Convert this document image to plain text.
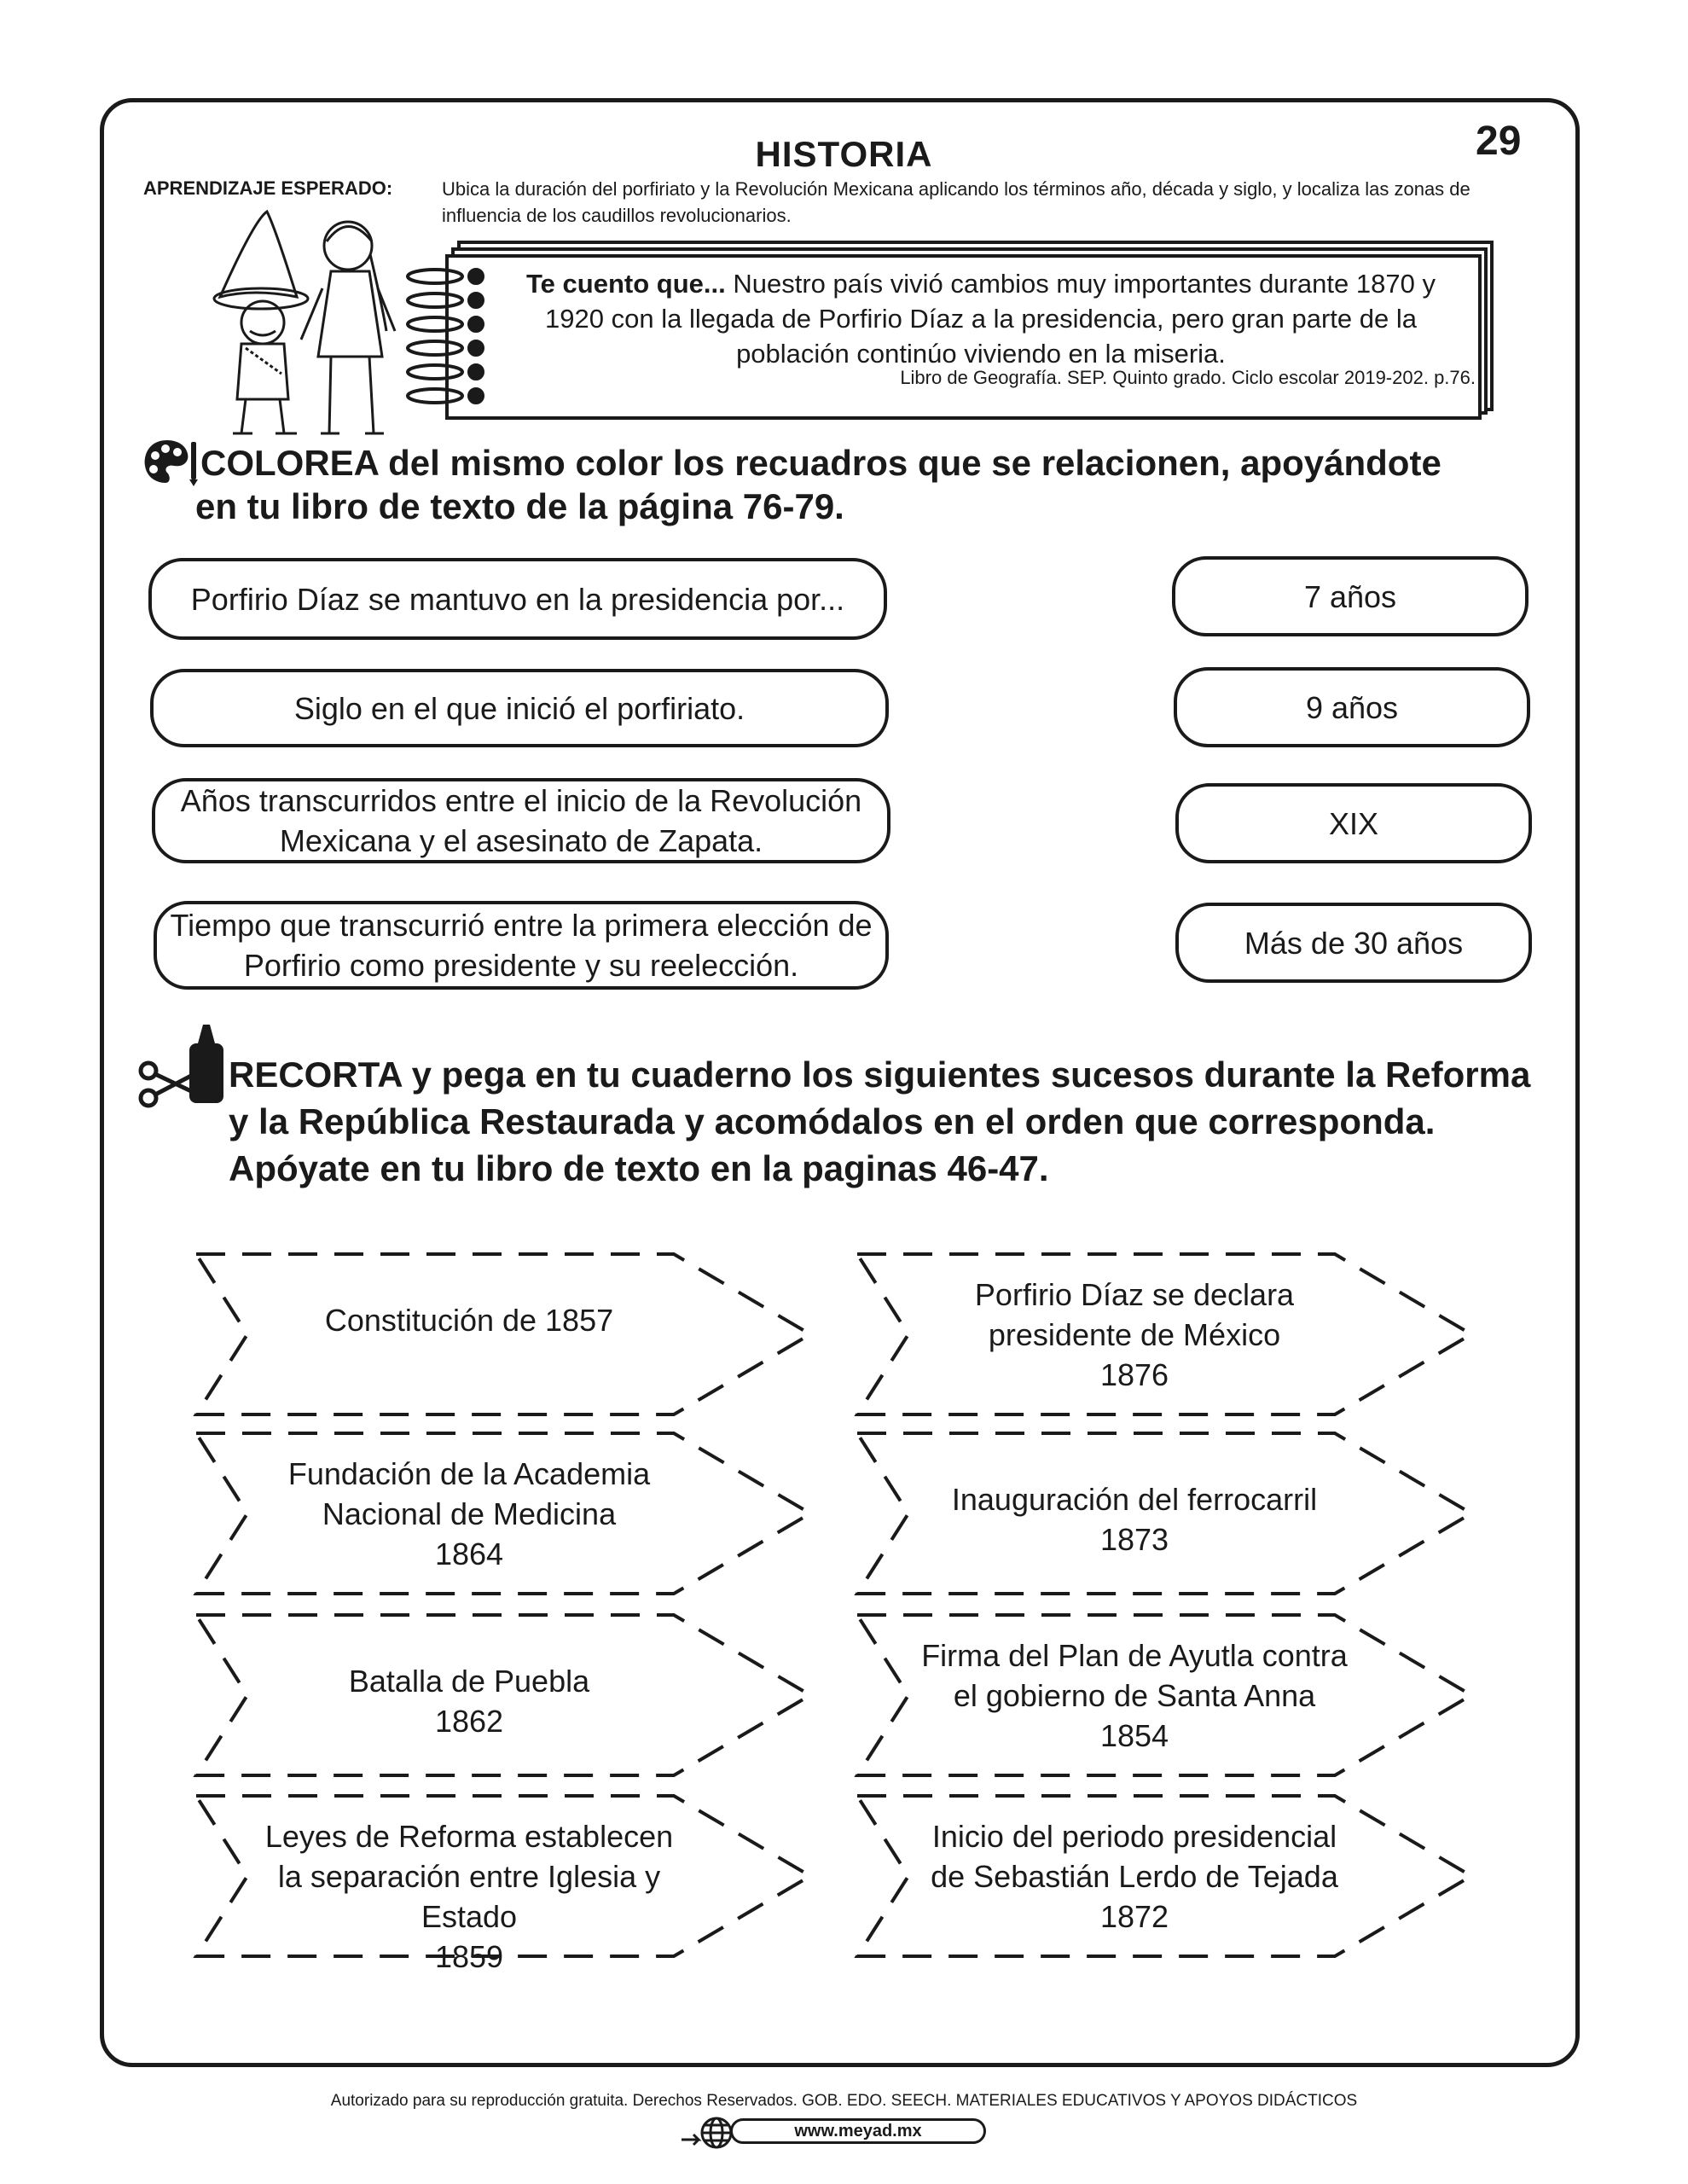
29
HISTORIA
APRENDIZAJE ESPERADO:	Ubica la duración del porfiriato y la Revolución Mexicana aplicando los términos año, década y siglo, y localiza las zonas de influencia de los caudillos revolucionarios.
Te cuento que... Nuestro país vivió cambios muy importantes durante 1870 y 1920 con la llegada de Porfirio Díaz a la presidencia, pero gran parte de la población continúo viviendo en la miseria.
Libro de Geografía. SEP. Quinto grado. Ciclo escolar 2019-202. p.76.
COLOREA del mismo color los recuadros que se relacionen, apoyándote
en tu libro de texto de la página 76-79.
Porfirio Díaz se mantuvo en la presidencia por...
Siglo en el que inició el porfiriato.
Años transcurridos entre el inicio de la Revolución Mexicana y el asesinato de Zapata.
Tiempo que transcurrió entre la primera elección de Porfirio como presidente y su reelección.
7 años
9 años
XIX
Más de 30 años
RECORTA y pega en tu cuaderno los siguientes sucesos durante la Reforma y la República Restaurada y acomódalos en el orden que corresponda. Apóyate en tu libro de texto en la paginas 46-47.
Constitución de 1857
Fundación de la Academia Nacional de Medicina
1864
Batalla de Puebla
1862
Leyes de Reforma establecen la separación entre Iglesia y Estado
1859
Porfirio Díaz se declara presidente de México
1876
Inauguración del ferrocarril
1873
Firma del Plan de Ayutla contra el gobierno de Santa Anna
1854
Inicio del periodo presidencial de Sebastián Lerdo de Tejada
1872
Autorizado para su reproducción gratuita. Derechos Reservados. GOB. EDO. SEECH. MATERIALES EDUCATIVOS Y APOYOS DIDÁCTICOS
www.meyad.mx
